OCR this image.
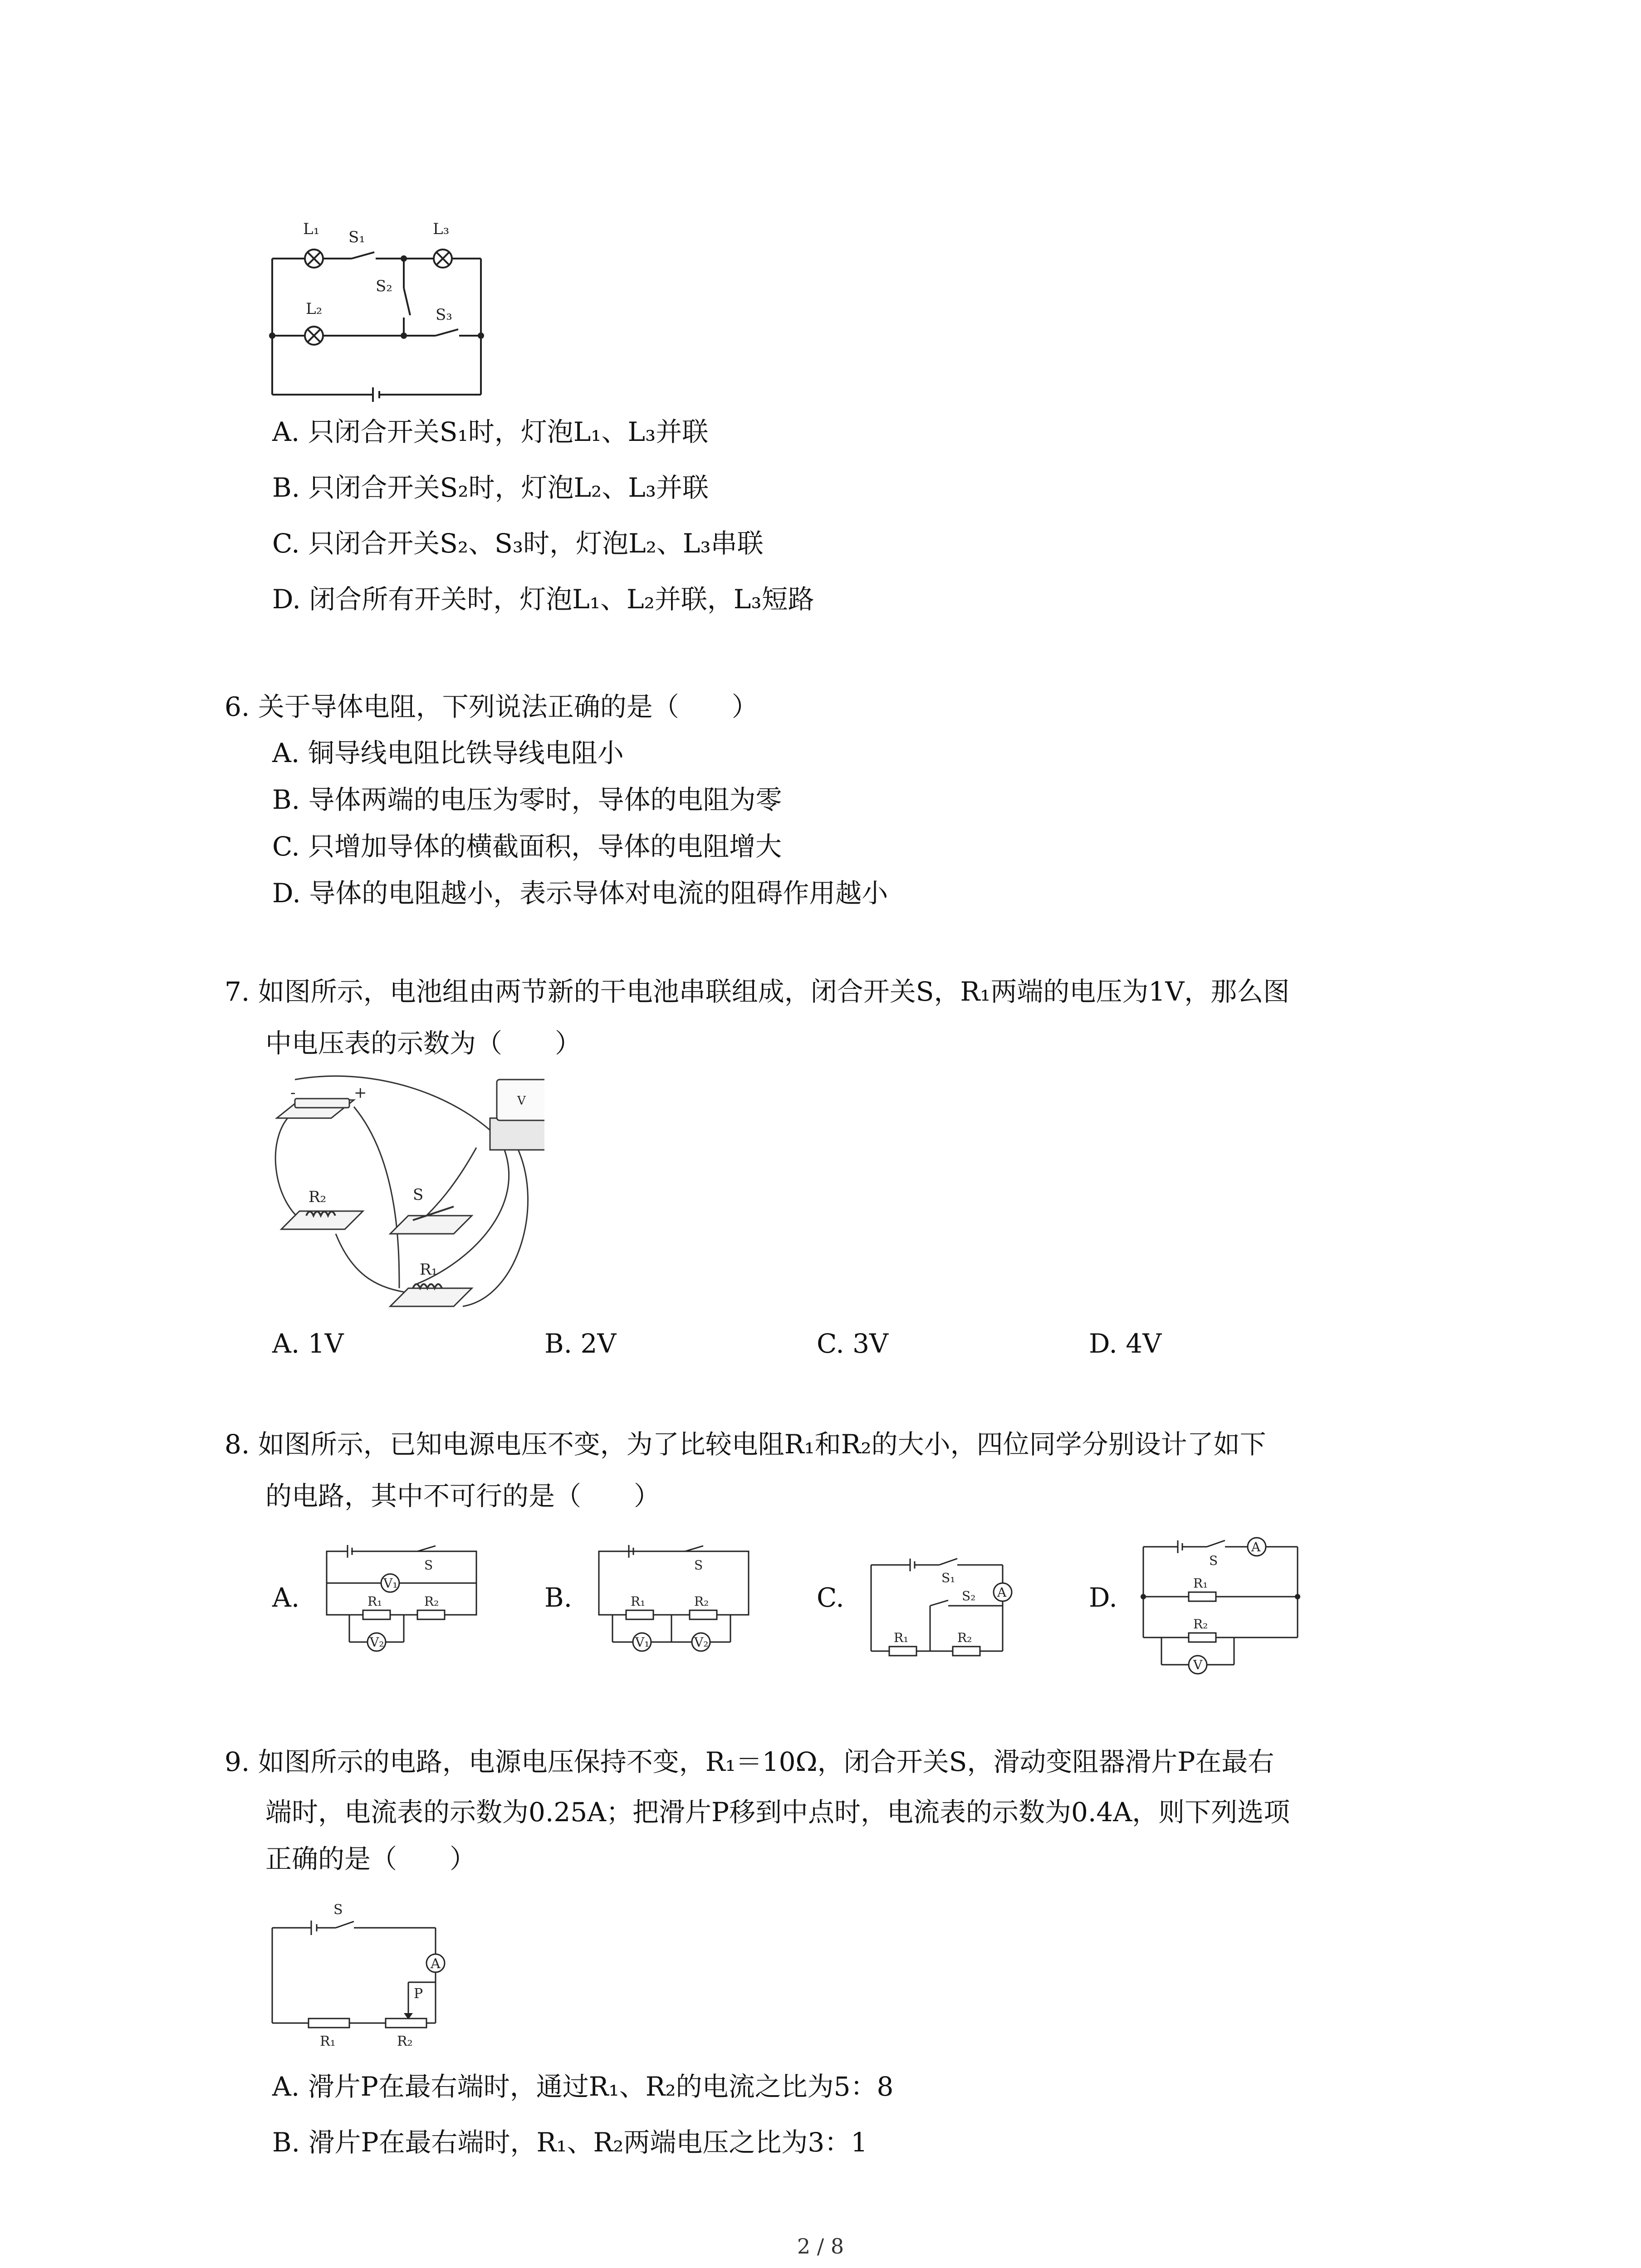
L₁ S₁	L₃
S₂
L₂	S₃
A. 只闭合开关S₁时，灯泡L₁、L₃并联
B. 只闭合开关S₂时，灯泡L₂、L₃并联
C. 只闭合开关S₂、S₃时，灯泡L₂、L₃串联
D. 闭合所有开关时，灯泡L₁、L₂并联，L₃短路
6. 关于导体电阻，下列说法正确的是（　　）
A. 铜导线电阻比铁导线电阻小
B. 导体两端的电压为零时，导体的电阻为零
C. 只增加导体的横截面积，导体的电阻增大
D. 导体的电阻越小，表示导体对电流的阻碍作用越小
7. 如图所示，电池组由两节新的干电池串联组成，闭合开关S，R₁两端的电压为1V，那么图
中电压表的示数为（　　）
-	+
R₂	S
R₁
V
A. 1V	B. 2V	C. 3V	D. 4V
8. 如图所示，已知电源电压不变，为了比较电阻R₁和R₂的大小，四位同学分别设计了如下
的电路，其中不可行的是（　　）
A.	B.	C.	D.
S
V₁
R₁	R₂
V₂
S
R₁	R₂
V₁	V₂
S₁
S₂ A
R₁	R₂
S
A
R₁
R₂
V
9. 如图所示的电路，电源电压保持不变，R₁＝10Ω，闭合开关S，滑动变阻器滑片P在最右
端时，电流表的示数为0.25A；把滑片P移到中点时，电流表的示数为0.4A，则下列选项
正确的是（　　）
S
A
P
R₁	R₂
A. 滑片P在最右端时，通过R₁、R₂的电流之比为5：8
B. 滑片P在最右端时，R₁、R₂两端电压之比为3：1
2 / 8
